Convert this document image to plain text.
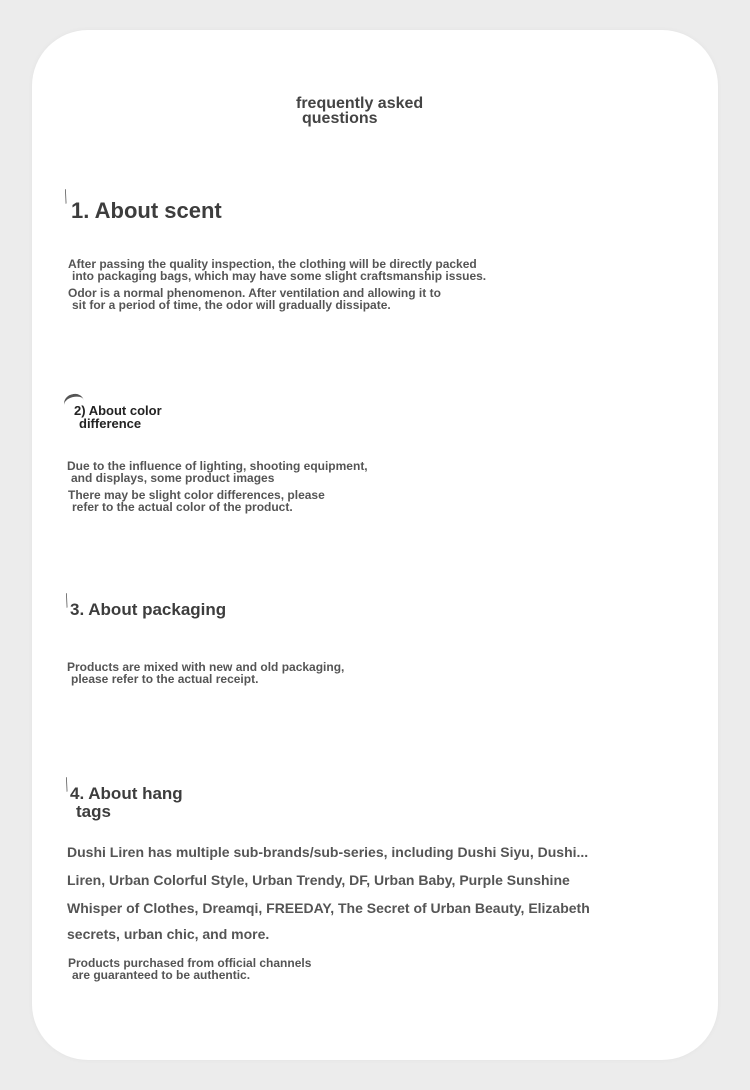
frequently asked
questions
╱
1. About scent
After passing the quality inspection, the clothing will be directly packed
into packaging bags, which may have some slight craftsmanship issues.
Odor is a normal phenomenon. After ventilation and allowing it to
sit for a period of time, the odor will gradually dissipate.
2) About color
difference
Due to the influence of lighting, shooting equipment,
and displays, some product images
There may be slight color differences, please
refer to the actual color of the product.
╱
3. About packaging
Products are mixed with new and old packaging,
please refer to the actual receipt.
╱
4. About hang
tags
Dushi Liren has multiple sub-brands/sub-series, including Dushi Siyu, Dushi...
Liren, Urban Colorful Style, Urban Trendy, DF, Urban Baby, Purple Sunshine
Whisper of Clothes, Dreamqi, FREEDAY, The Secret of Urban Beauty, Elizabeth
secrets, urban chic, and more.
Products purchased from official channels
are guaranteed to be authentic.
